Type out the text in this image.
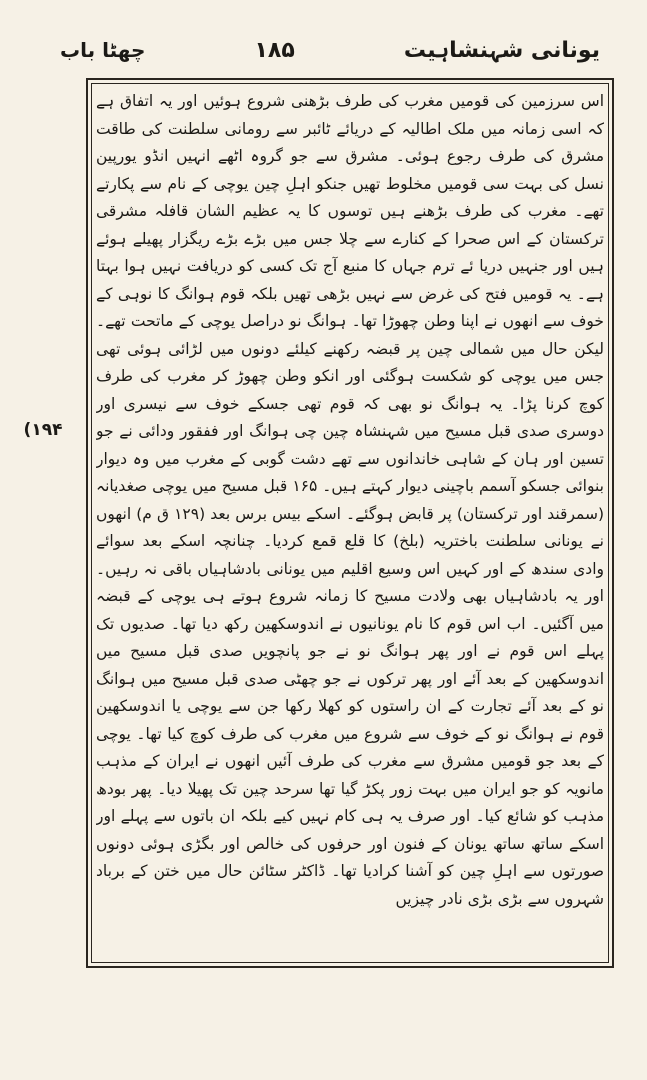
یونانی شہنشاہیت
۱۸۵
چھٹا باب
(۱۹۴

اس سرزمین کی قومیں مغرب کی طرف بڑھنی شروع ہوئیں اور یہ اتفاق ہے کہ اسی زمانہ میں ملک اطالیہ کے دریائے ٹائبر سے رومانی سلطنت کی طاقت مشرق کی طرف رجوع ہوئی۔ مشرق سے جو گروہ اٹھے انہیں انڈو یورپین نسل کی بہت سی قومیں مخلوط تھیں جنکو اہلِ چین یوچی کے نام سے پکارتے تھے۔ مغرب کی طرف بڑھنے ہیں توسوں کا یہ عظیم الشان قافلہ مشرقی ترکستان کے اس صحرا کے کنارے سے چلا جس میں بڑے بڑے ریگزار پھیلے ہوئے ہیں اور جنہیں دریا ئے ترم جہاں کا منبع آج تک کسی کو دریافت نہیں ہوا بہتا ہے۔ یہ قومیں فتح کی غرض سے نہیں بڑھی تھیں بلکہ قوم ہوانگ کا نوہی کے خوف سے انھوں نے اپنا وطن چھوڑا تھا۔ ہوانگ نو دراصل یوچی کے ماتحت تھے۔ لیکن حال میں شمالی چین پر قبضہ رکھنے کیلئے دونوں میں لڑائی ہوئی تھی جس میں یوچی کو شکست ہوگئی اور انکو وطن چھوڑ کر مغرب کی طرف کوچ کرنا پڑا۔ یہ ہوانگ نو بھی کہ قوم تھی جسکے خوف سے نیسری اور دوسری صدی قبل مسیح میں شہنشاہ چین چی ہوانگ اور ففقور ودائی نے جو تسین اور ہان کے شاہی خاندانوں سے تھے دشت گوبی کے مغرب میں وہ دیوار بنوائی جسکو آسمم باچینی دیوار کہتے ہیں۔ ۱۶۵ قبل مسیح میں یوچی صغدیانہ (سمرقند اور ترکستان) پر قابض ہوگئے۔ اسکے بیس برس بعد (۱۲۹ ق م) انھوں نے یونانی سلطنت باختریہ (بلخ) کا قلع قمع کردیا۔ چنانچہ اسکے بعد سوائے وادی سندھ کے اور کہیں اس وسیع اقلیم میں یونانی بادشاہیاں باقی نہ رہیں۔ اور یہ بادشاہیاں بھی ولادت مسیح کا زمانہ شروع ہوتے ہی یوچی کے قبضہ میں آگئیں۔ اب اس قوم کا نام یونانیوں نے اندوسکھین رکھ دیا تھا۔ صدیوں تک پہلے اس قوم نے اور پھر ہوانگ نو نے جو پانچویں صدی قبل مسیح میں اندوسکھین کے بعد آئے اور پھر ترکوں نے جو چھٹی صدی قبل مسیح میں ہوانگ نو کے بعد آئے تجارت کے ان راستوں کو کھلا رکھا جن سے یوچی یا اندوسکھین قوم نے ہوانگ نو کے خوف سے شروع میں مغرب کی طرف کوچ کیا تھا۔ یوچی کے بعد جو قومیں مشرق سے مغرب کی طرف آئیں انھوں نے ایران کے مذہب مانویہ کو جو ایران میں بہت زور پکڑ گیا تھا سرحد چین تک پھیلا دیا۔ پھر بودھ مذہب کو شائع کیا۔ اور صرف یہ ہی کام نہیں کیے بلکہ ان باتوں سے پہلے اور اسکے ساتھ ساتھ یونان کے فنون اور حرفوں کی خالص اور بگڑی ہوئی دونوں صورتوں سے اہلِ چین کو آشنا کرادیا تھا۔ ڈاکٹر سٹائن حال میں ختن کے برباد شہروں سے بڑی بڑی نادر چیزیں
